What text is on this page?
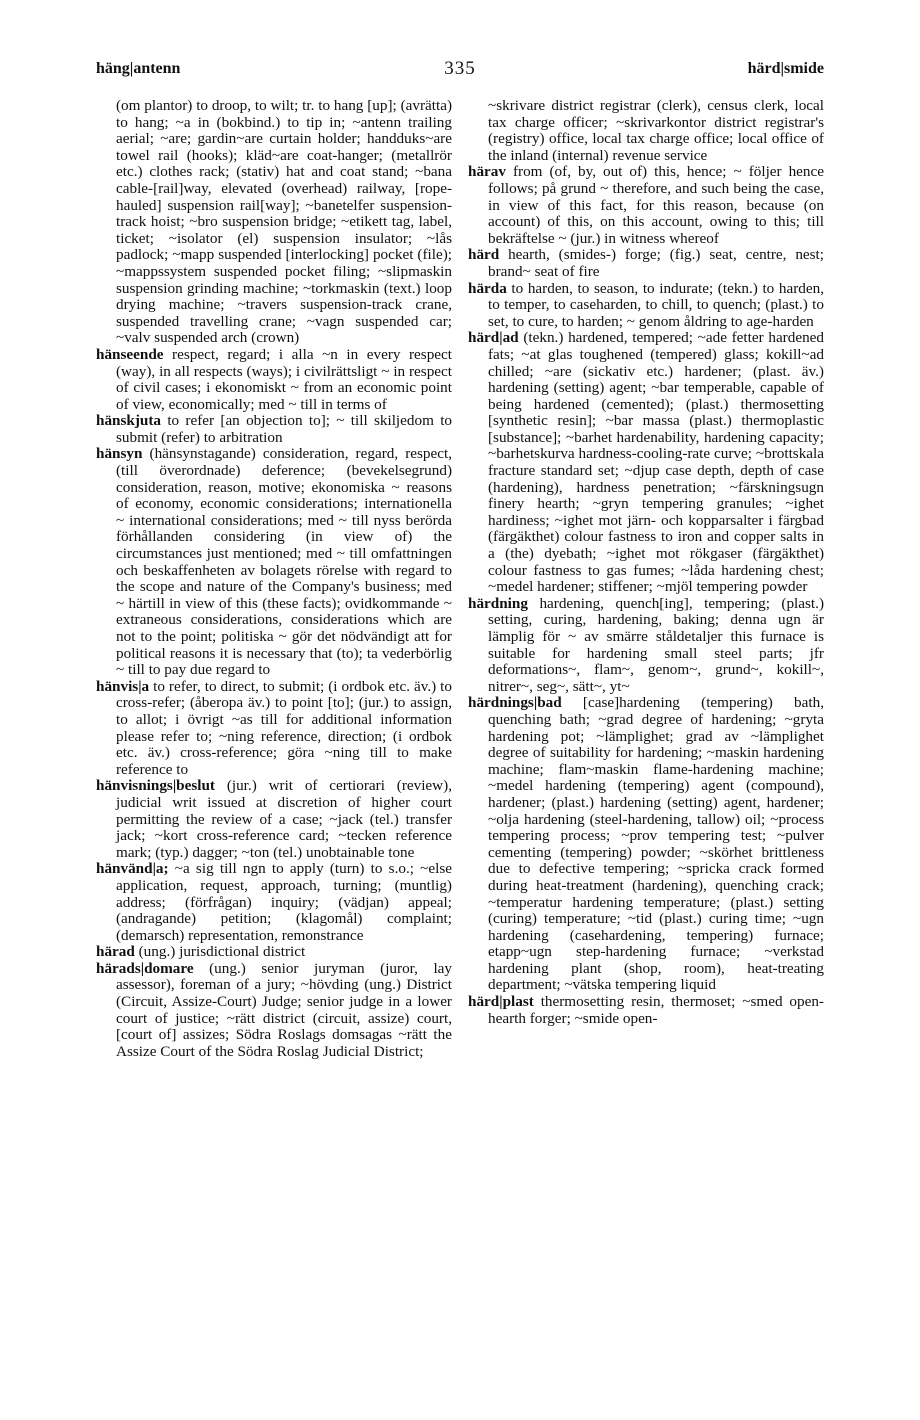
häng|antenn	335	härd|smide

(om plantor) to droop, to wilt; tr. to hang [up]; (avrätta) to hang; ~a in (bokbind.) to tip in; ~antenn trailing aerial; ~are; gardin~are curtain holder; handduks~are towel rail (hooks); kläd~are coat-hanger; (metallrör etc.) clothes rack; (stativ) hat and coat stand; ~bana cable-[rail]way, elevated (overhead) railway, [rope-hauled] suspension rail[way]; ~banetelfer suspension-track hoist; ~bro suspension bridge; ~etikett tag, label, ticket; ~isolator (el) suspension insulator; ~lås padlock; ~mapp suspended [interlocking] pocket (file); ~mappssystem suspended pocket filing; ~slipmaskin suspension grinding machine; ~torkmaskin (text.) loop drying machine; ~travers suspension-track crane, suspended travelling crane; ~vagn suspended car; ~valv suspended arch (crown)

hänseende respect, regard; i alla ~n in every respect (way), in all respects (ways); i civilrättsligt ~ in respect of civil cases; i ekonomiskt ~ from an economic point of view, economically; med ~ till in terms of

hänskjuta to refer [an objection to]; ~ till skiljedom to submit (refer) to arbitration

hänsyn (hänsynstagande) consideration, regard, respect, (till överordnade) deference; (bevekelsegrund) consideration, reason, motive; ekonomiska ~ reasons of economy, economic considerations; internationella ~ international considerations; med ~ till nyss berörda förhållanden considering (in view of) the circumstances just mentioned; med ~ till omfattningen och beskaffenheten av bolagets rörelse with regard to the scope and nature of the Company's business; med ~ härtill in view of this (these facts); ovidkommande ~ extraneous considerations, considerations which are not to the point; politiska ~ gör det nödvändigt att for political reasons it is necessary that (to); ta vederbörlig ~ till to pay due regard to

hänvis|a to refer, to direct, to submit; (i ordbok etc. äv.) to cross-refer; (åberopa äv.) to point [to]; (jur.) to assign, to allot; i övrigt ~as till for additional information please refer to; ~ning reference, direction; (i ordbok etc. äv.) cross-reference; göra ~ning till to make reference to

hänvisnings|beslut (jur.) writ of certiorari (review), judicial writ issued at discretion of higher court permitting the review of a case; ~jack (tel.) transfer jack; ~kort cross-reference card; ~tecken reference mark; (typ.) dagger; ~ton (tel.) unobtainable tone

hänvänd|a; ~a sig till ngn to apply (turn) to s.o.; ~else application, request, approach, turning; (muntlig) address; (förfrågan) inquiry; (vädjan) appeal; (andragande) petition; (klagomål) complaint; (demarsch) representation, remonstrance

härad (ung.) jurisdictional district

härads|domare (ung.) senior juryman (juror, lay assessor), foreman of a jury; ~hövding (ung.) District (Circuit, Assize-Court) Judge; senior judge in a lower court of justice; ~rätt district (circuit, assize) court, [court of] assizes; Södra Roslags domsagas ~rätt the Assize Court of the Södra Roslag Judicial District;

~skrivare district registrar (clerk), census clerk, local tax charge officer; ~skrivarkontor district registrar's (registry) office, local tax charge office; local office of the inland (internal) revenue service

härav from (of, by, out of) this, hence; ~ följer hence follows; på grund ~ therefore, and such being the case, in view of this fact, for this reason, because (on account) of this, on this account, owing to this; till bekräftelse ~ (jur.) in witness whereof

härd hearth, (smides-) forge; (fig.) seat, centre, nest; brand~ seat of fire

härda to harden, to season, to indurate; (tekn.) to harden, to temper, to caseharden, to chill, to quench; (plast.) to set, to cure, to harden; ~ genom åldring to age-harden

härd|ad (tekn.) hardened, tempered; ~ade fetter hardened fats; ~at glas toughened (tempered) glass; kokill~ad chilled; ~are (sickativ etc.) hardener; (plast. äv.) hardening (setting) agent; ~bar temperable, capable of being hardened (cemented); (plast.) thermosetting [synthetic resin]; ~bar massa (plast.) thermoplastic [substance]; ~barhet hardenability, hardening capacity; ~barhetskurva hardness-cooling-rate curve; ~brottskala fracture standard set; ~djup case depth, depth of case (hardening), hardness penetration; ~färskningsugn finery hearth; ~gryn tempering granules; ~ighet hardiness; ~ighet mot järn- och kopparsalter i färgbad (färgäkthet) colour fastness to iron and copper salts in a (the) dyebath; ~ighet mot rökgaser (färgäkthet) colour fastness to gas fumes; ~låda hardening chest; ~medel hardener; stiffener; ~mjöl tempering powder

härdning hardening, quench[ing], tempering; (plast.) setting, curing, hardening, baking; denna ugn är lämplig för ~ av smärre ståldetaljer this furnace is suitable for hardening small steel parts; jfr deformations~, flam~, genom~, grund~, kokill~, nitrer~, seg~, sätt~, yt~

härdnings|bad [case]hardening (tempering) bath, quenching bath; ~grad degree of hardening; ~gryta hardening pot; ~lämplighet; grad av ~lämplighet degree of suitability for hardening; ~maskin hardening machine; flam~maskin flame-hardening machine; ~medel hardening (tempering) agent (compound), hardener; (plast.) hardening (setting) agent, hardener; ~olja hardening (steel-hardening, tallow) oil; ~process tempering process; ~prov tempering test; ~pulver cementing (tempering) powder; ~skörhet brittleness due to defective tempering; ~spricka crack formed during heat-treatment (hardening), quenching crack; ~temperatur hardening temperature; (plast.) setting (curing) temperature; ~tid (plast.) curing time; ~ugn hardening (casehardening, tempering) furnace; etapp~ugn step-hardening furnace; ~verkstad hardening plant (shop, room), heat-treating department; ~vätska tempering liquid

härd|plast thermosetting resin, thermoset; ~smed open-hearth forger; ~smide open-
